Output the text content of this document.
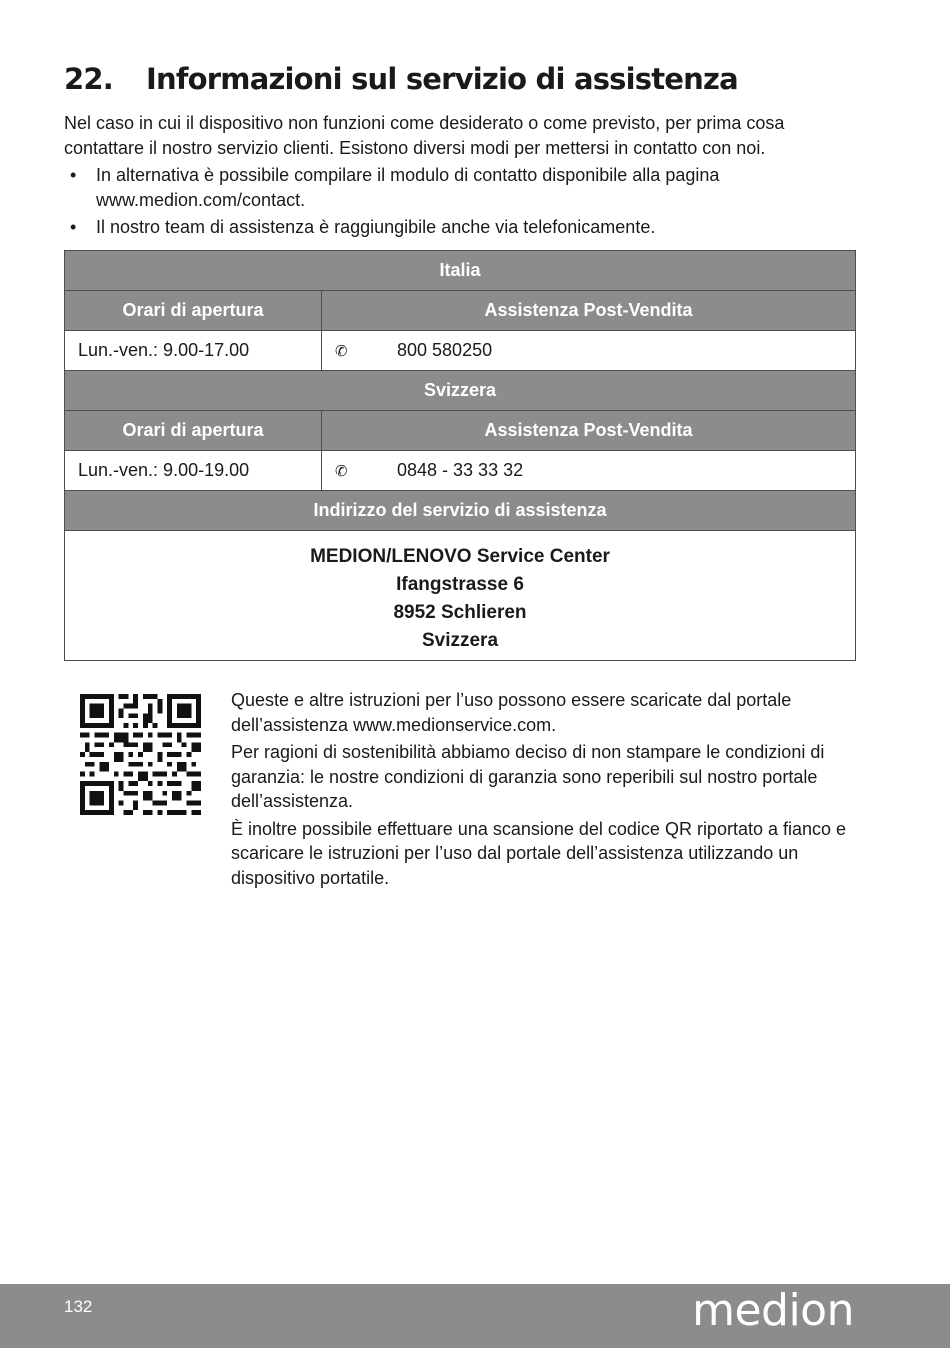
22. Informazioni sul servizio di assistenza

Nel caso in cui il dispositivo non funzioni come desiderato o come previsto, per prima cosa contattare il nostro servizio clienti. Esistono diversi modi per mettersi in contatto con noi.

• In alternativa è possibile compilare il modulo di contatto disponibile alla pagina www.medion.com/contact.
• Il nostro team di assistenza è raggiungibile anche via telefonicamente.
Italia	
Orari di apertura	Assistenza Post-Vendita
Lun.-ven.: 9.00-17.00	✆ 800 580250
Svizzera	
Orari di apertura	Assistenza Post-Vendita
Lun.-ven.: 9.00-19.00	✆ 0848 - 33 33 32
Indirizzo del servizio di assistenza	

MEDION/LENOVO Service Center
Ifangstrasse 6
8952 Schlieren
Svizzera	

Queste e altre istruzioni per l’uso possono essere scaricate dal portale dell’assistenza www.medionservice.com.

Per ragioni di sostenibilità abbiamo deciso di non stampare le condizioni di garanzia: le nostre condizioni di garanzia sono reperibili sul nostro portale dell’assistenza.

È inoltre possibile effettuare una scansione del codice QR riportato a fianco e scaricare le istruzioni per l’uso dal portale dell’assistenza utilizzando un dispositivo portatile.

132	medion
